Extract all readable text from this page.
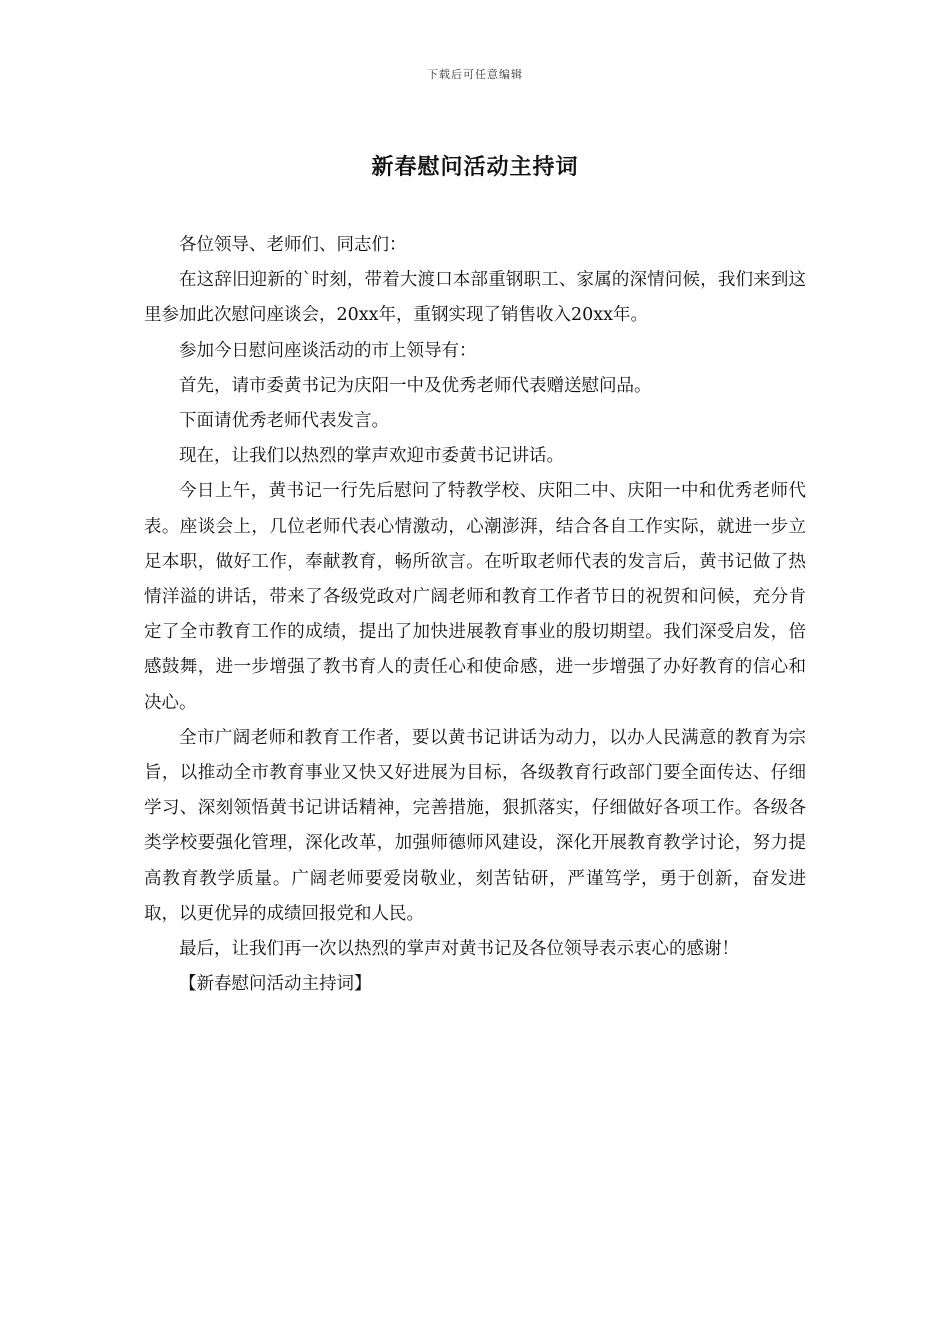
下载后可任意编辑
新春慰问活动主持词

各位领导、老师们、同志们：

在这辞旧迎新的`时刻，带着大渡口本部重钢职工、家属的深情问候，我们来到这里参加此次慰问座谈会，20xx年，重钢实现了销售收入20xx年。

参加今日慰问座谈活动的市上领导有：

首先，请市委黄书记为庆阳一中及优秀老师代表赠送慰问品。

下面请优秀老师代表发言。

现在，让我们以热烈的掌声欢迎市委黄书记讲话。

今日上午，黄书记一行先后慰问了特教学校、庆阳二中、庆阳一中和优秀老师代表。座谈会上，几位老师代表心情激动，心潮澎湃，结合各自工作实际，就进一步立足本职，做好工作，奉献教育，畅所欲言。在听取老师代表的发言后，黄书记做了热情洋溢的讲话，带来了各级党政对广阔老师和教育工作者节日的祝贺和问候，充分肯定了全市教育工作的成绩，提出了加快进展教育事业的殷切期望。我们深受启发，倍感鼓舞，进一步增强了教书育人的责任心和使命感，进一步增强了办好教育的信心和决心。

全市广阔老师和教育工作者，要以黄书记讲话为动力，以办人民满意的教育为宗旨，以推动全市教育事业又快又好进展为目标，各级教育行政部门要全面传达、仔细学习、深刻领悟黄书记讲话精神，完善措施，狠抓落实，仔细做好各项工作。各级各类学校要强化管理，深化改革，加强师德师风建设，深化开展教育教学讨论，努力提高教育教学质量。广阔老师要爱岗敬业，刻苦钻研，严谨笃学，勇于创新，奋发进取，以更优异的成绩回报党和人民。

最后，让我们再一次以热烈的掌声对黄书记及各位领导表示衷心的感谢！

【新春慰问活动主持词】
